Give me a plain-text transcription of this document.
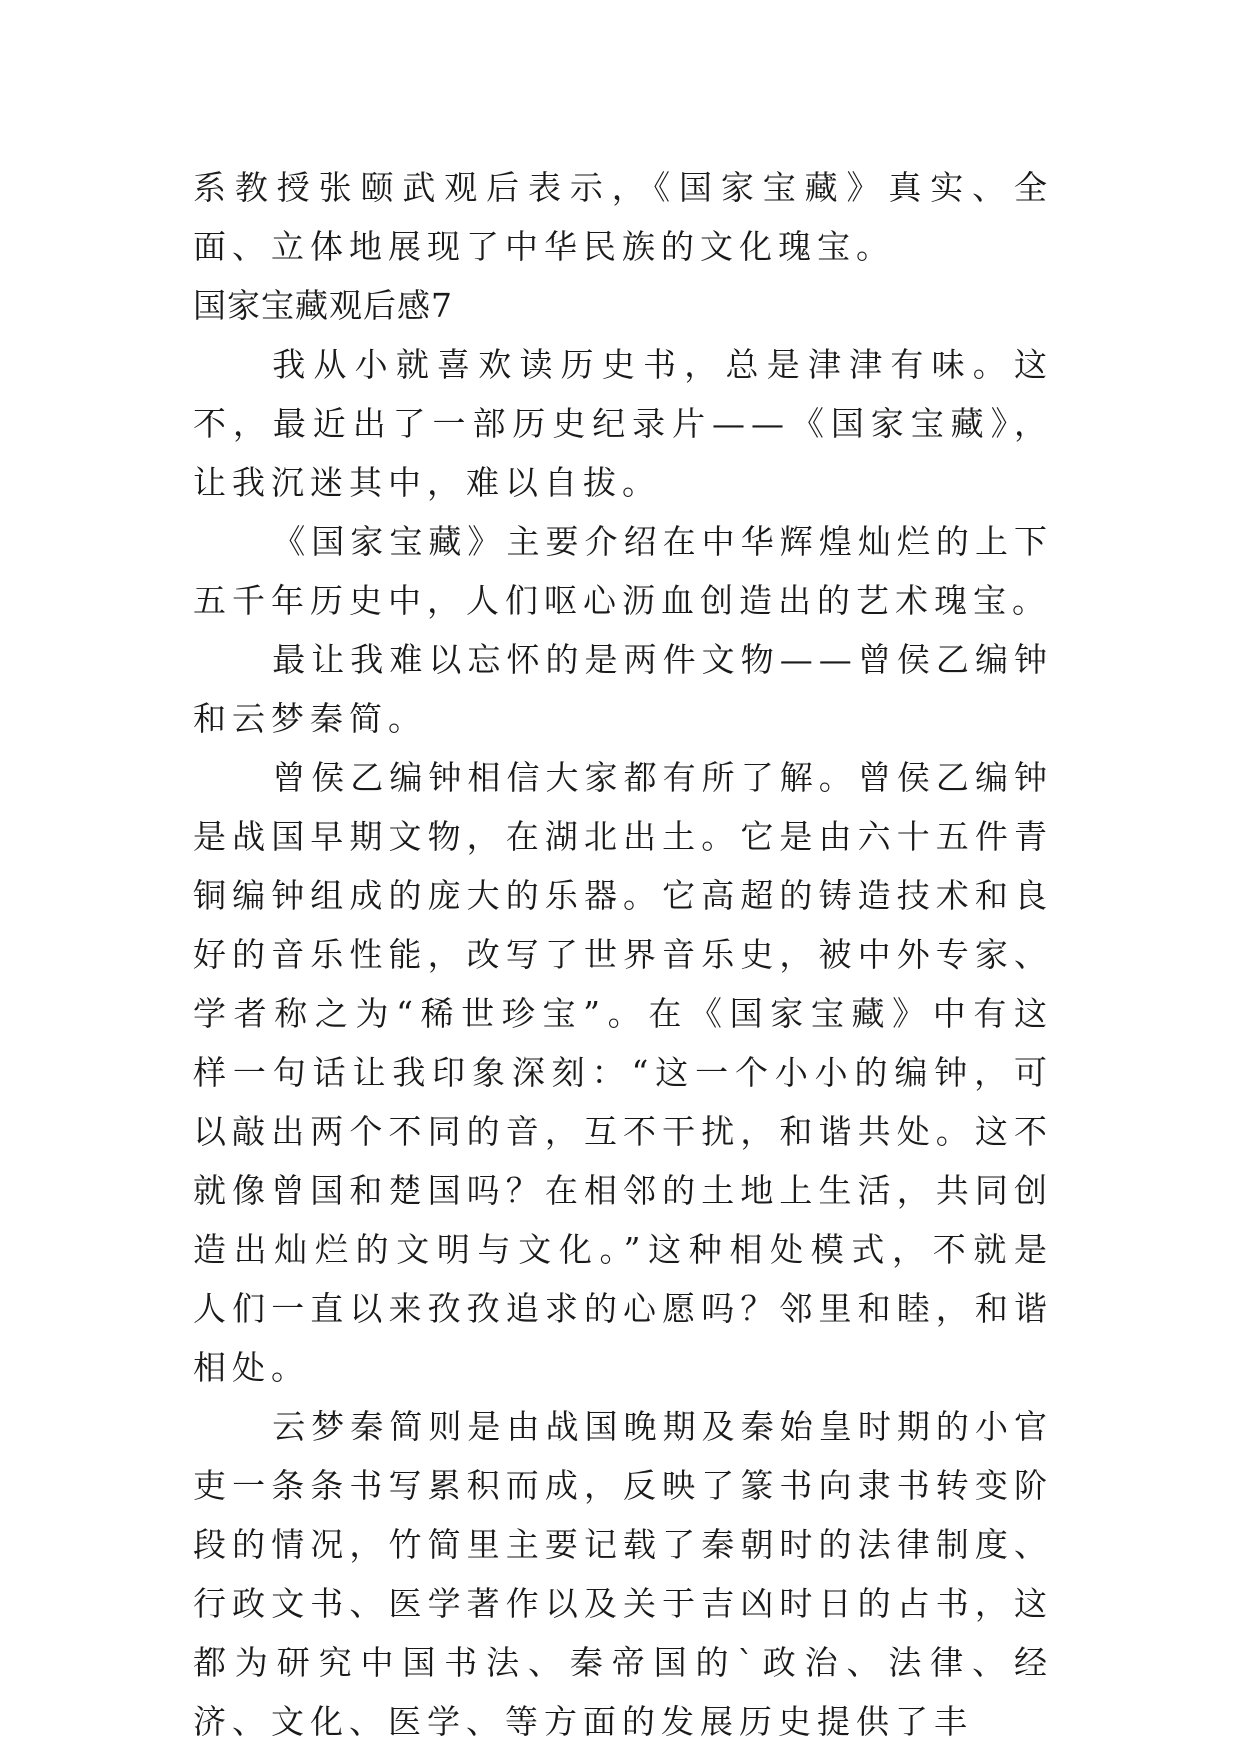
系教授张颐武观后表示，《国家宝藏》真实、全面、立体地展现了中华民族的文化瑰宝。

国家宝藏观后感7

我从小就喜欢读历史书，总是津津有味。这不，最近出了一部历史纪录片——《国家宝藏》，让我沉迷其中，难以自拔。

《国家宝藏》主要介绍在中华辉煌灿烂的上下五千年历史中，人们呕心沥血创造出的艺术瑰宝。

最让我难以忘怀的是两件文物——曾侯乙编钟和云梦秦简。

曾侯乙编钟相信大家都有所了解。曾侯乙编钟是战国早期文物，在湖北出土。它是由六十五件青铜编钟组成的庞大的乐器。它高超的铸造技术和良好的音乐性能，改写了世界音乐史，被中外专家、学者称之为“稀世珍宝”。在《国家宝藏》中有这样一句话让我印象深刻：“这一个小小的编钟，可以敲出两个不同的音，互不干扰，和谐共处。这不就像曾国和楚国吗？在相邻的土地上生活，共同创造出灿烂的文明与文化。”这种相处模式，不就是人们一直以来孜孜追求的心愿吗？邻里和睦，和谐相处。

云梦秦简则是由战国晚期及秦始皇时期的小官吏一条条书写累积而成，反映了篆书向隶书转变阶段的情况，竹简里主要记载了秦朝时的法律制度、行政文书、医学著作以及关于吉凶时日的占书，这都为研究中国书法、秦帝国的`政治、法律、经济、文化、医学、等方面的发展历史提供了丰
